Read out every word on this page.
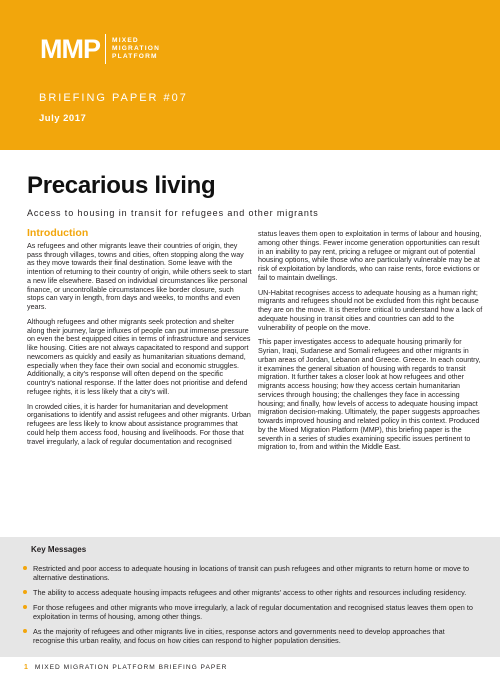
MMP MIXED
MIGRATION
PLATFORM
BRIEFING PAPER #07
July 2017
Precarious living

Access to housing in transit for refugees and other migrants

Introduction

As refugees and other migrants leave their countries of origin, they pass through villages, towns and cities, often stopping along the way as they move towards their final destination. Some leave with the intention of returning to their country of origin, while others seek to start a new life elsewhere. Based on individual circumstances like personal finance, or uncontrollable circumstances like border closure, such stops can vary in length, from days and weeks, to months and even years.

Although refugees and other migrants seek protection and shelter along their journey, large influxes of people can put immense pressure on even the best equipped cities in terms of infrastructure and services like housing. Cities are not always capacitated to respond and support newcomers as quickly and easily as humanitarian situations demand, especially when they face their own social and economic struggles. Additionally, a city's response will often depend on the specific country's national response. If the latter does not prioritise and defend refugee rights, it is less likely that a city's will.

In crowded cities, it is harder for humanitarian and development organisations to identify and assist refugees and other migrants. Urban refugees are less likely to know about assistance programmes that could help them access food, housing and livelihoods. For those that travel irregularly, a lack of regular documentation and recognised

status leaves them open to exploitation in terms of labour and housing, among other things. Fewer income generation opportunities can result in an inability to pay rent, pricing a refugee or migrant out of potential housing options, while those who are particularly vulnerable may be at risk of exploitation by landlords, who can raise rents, force evictions or fail to maintain dwellings.

UN-Habitat recognises access to adequate housing as a human right; migrants and refugees should not be excluded from this right because they are on the move. It is therefore critical to understand how a lack of adequate housing in transit cities and countries can add to the vulnerability of people on the move.

This paper investigates access to adequate housing primarily for Syrian, Iraqi, Sudanese and Somali refugees and other migrants in urban areas of Jordan, Lebanon and Greece. Greece. In each country, it examines the general situation of housing with regards to transit migration. It further takes a closer look at how refugees and other migrants access housing; how they access certain humanitarian services through housing; the challenges they face in accessing housing; and finally, how levels of access to adequate housing impact migration decision-making. Ultimately, the paper suggests approaches towards improved housing and related policy in this context. Produced by the Mixed Migration Platform (MMP), this briefing paper is the seventh in a series of studies examining specific issues pertinent to migration to, from and within the Middle East.

Key Messages
Restricted and poor access to adequate housing in locations of transit can push refugees and other migrants to return home or move to alternative destinations.
The ability to access adequate housing impacts refugees and other migrants' access to other rights and resources including residency.
For those refugees and other migrants who move irregularly, a lack of regular documentation and recognised status leaves them open to exploitation in terms of housing, among other things.
As the majority of refugees and other migrants live in cities, response actors and governments need to develop approaches that recognise this urban reality, and focus on how cities can respond to higher population densities.
1 MIXED MIGRATION PLATFORM BRIEFING PAPER
